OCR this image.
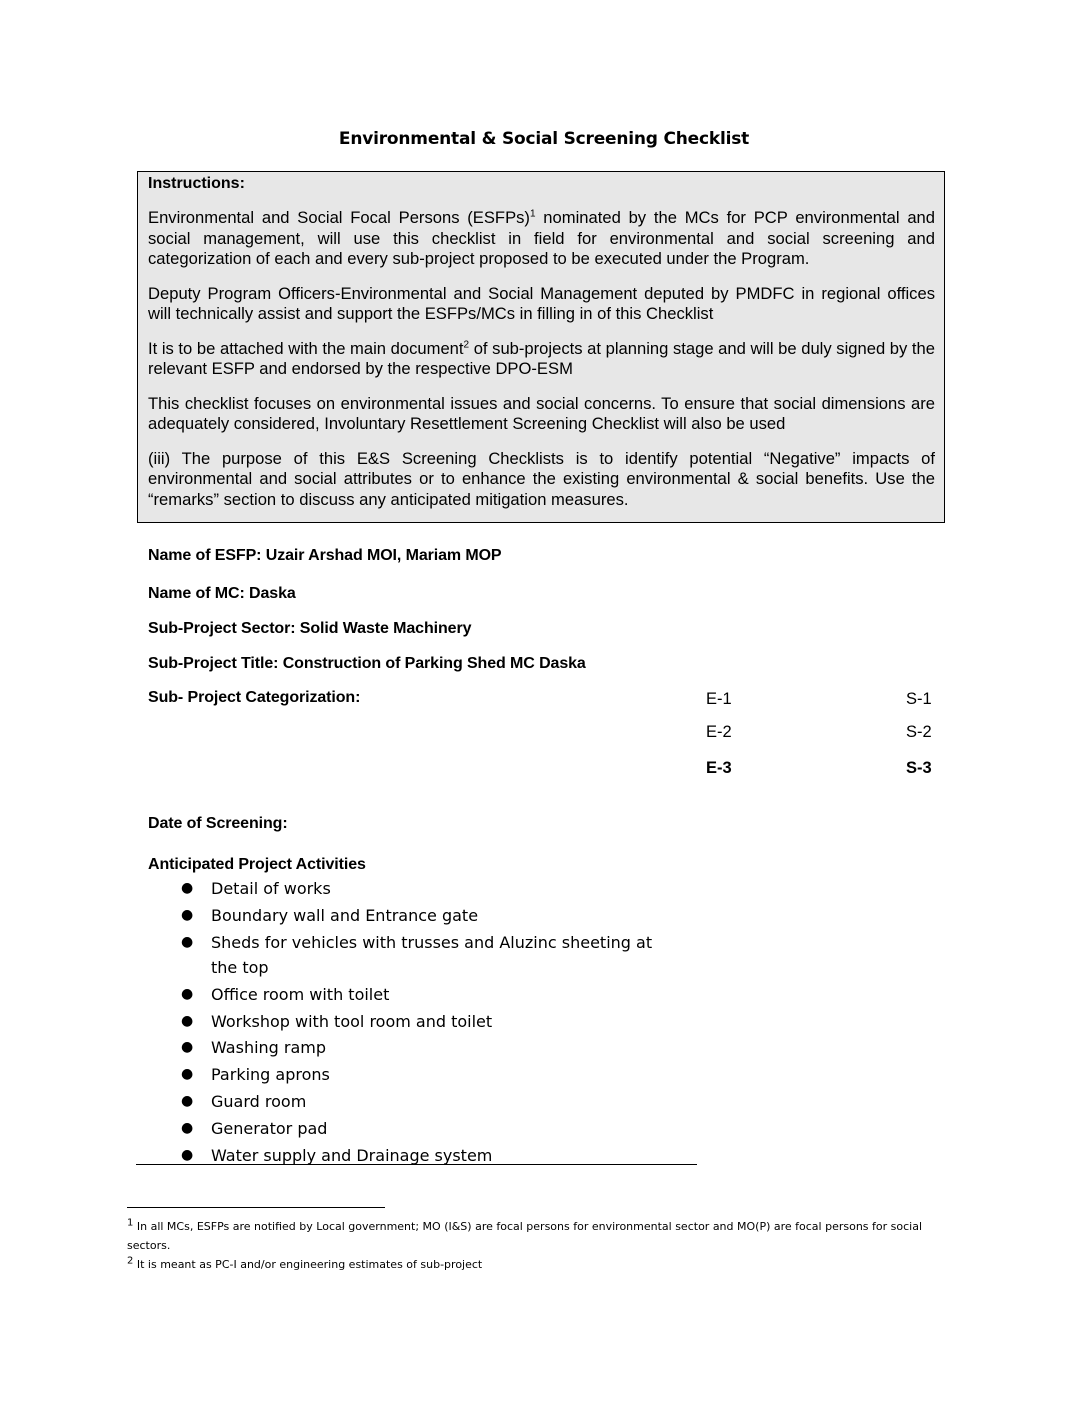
Environmental & Social Screening Checklist
Instructions:

Environmental and Social Focal Persons (ESFPs)$^1$ nominated by the MCs for PCP environmental and social management, will use this checklist in field for environmental and social screening and categorization of each and every sub-project proposed to be executed under the Program.

Deputy Program Officers-Environmental and Social Management deputed by PMDFC in regional offices will technically assist and support the ESFPs/MCs in filling in of this Checklist

It is to be attached with the main document$^2$ of sub-projects at planning stage and will be duly signed by the relevant ESFP and endorsed by the respective DPO-ESM

This checklist focuses on environmental issues and social concerns. To ensure that social dimensions are adequately considered, Involuntary Resettlement Screening Checklist will also be used

(iii) The purpose of this E&S Screening Checklists is to identify potential “Negative” impacts of environmental and social attributes or to enhance the existing environmental & social benefits. Use the “remarks” section to discuss any anticipated mitigation measures.

Name of ESFP: Uzair Arshad MOI, Mariam MOP
Name of MC: Daska
Sub-Project Sector: Solid Waste Machinery
Sub-Project Title: Construction of Parking Shed MC Daska
Sub- Project Categorization:	E-1	S-1
E-2	S-2
E-3	S-3
Date of Screening:
Anticipated Project Activities
● Detail of works
● Boundary wall and Entrance gate
● Sheds for vehicles with trusses and Aluzinc sheeting at the top
● Office room with toilet
● Workshop with tool room and toilet
● Washing ramp
● Parking aprons
● Guard room
● Generator pad
● Water supply and Drainage system
$^1$ In all MCs, ESFPs are notified by Local government; MO (I&S) are focal persons for environmental sector and MO(P) are focal persons for social sectors.
$^2$ It is meant as PC-I and/or engineering estimates of sub-project
